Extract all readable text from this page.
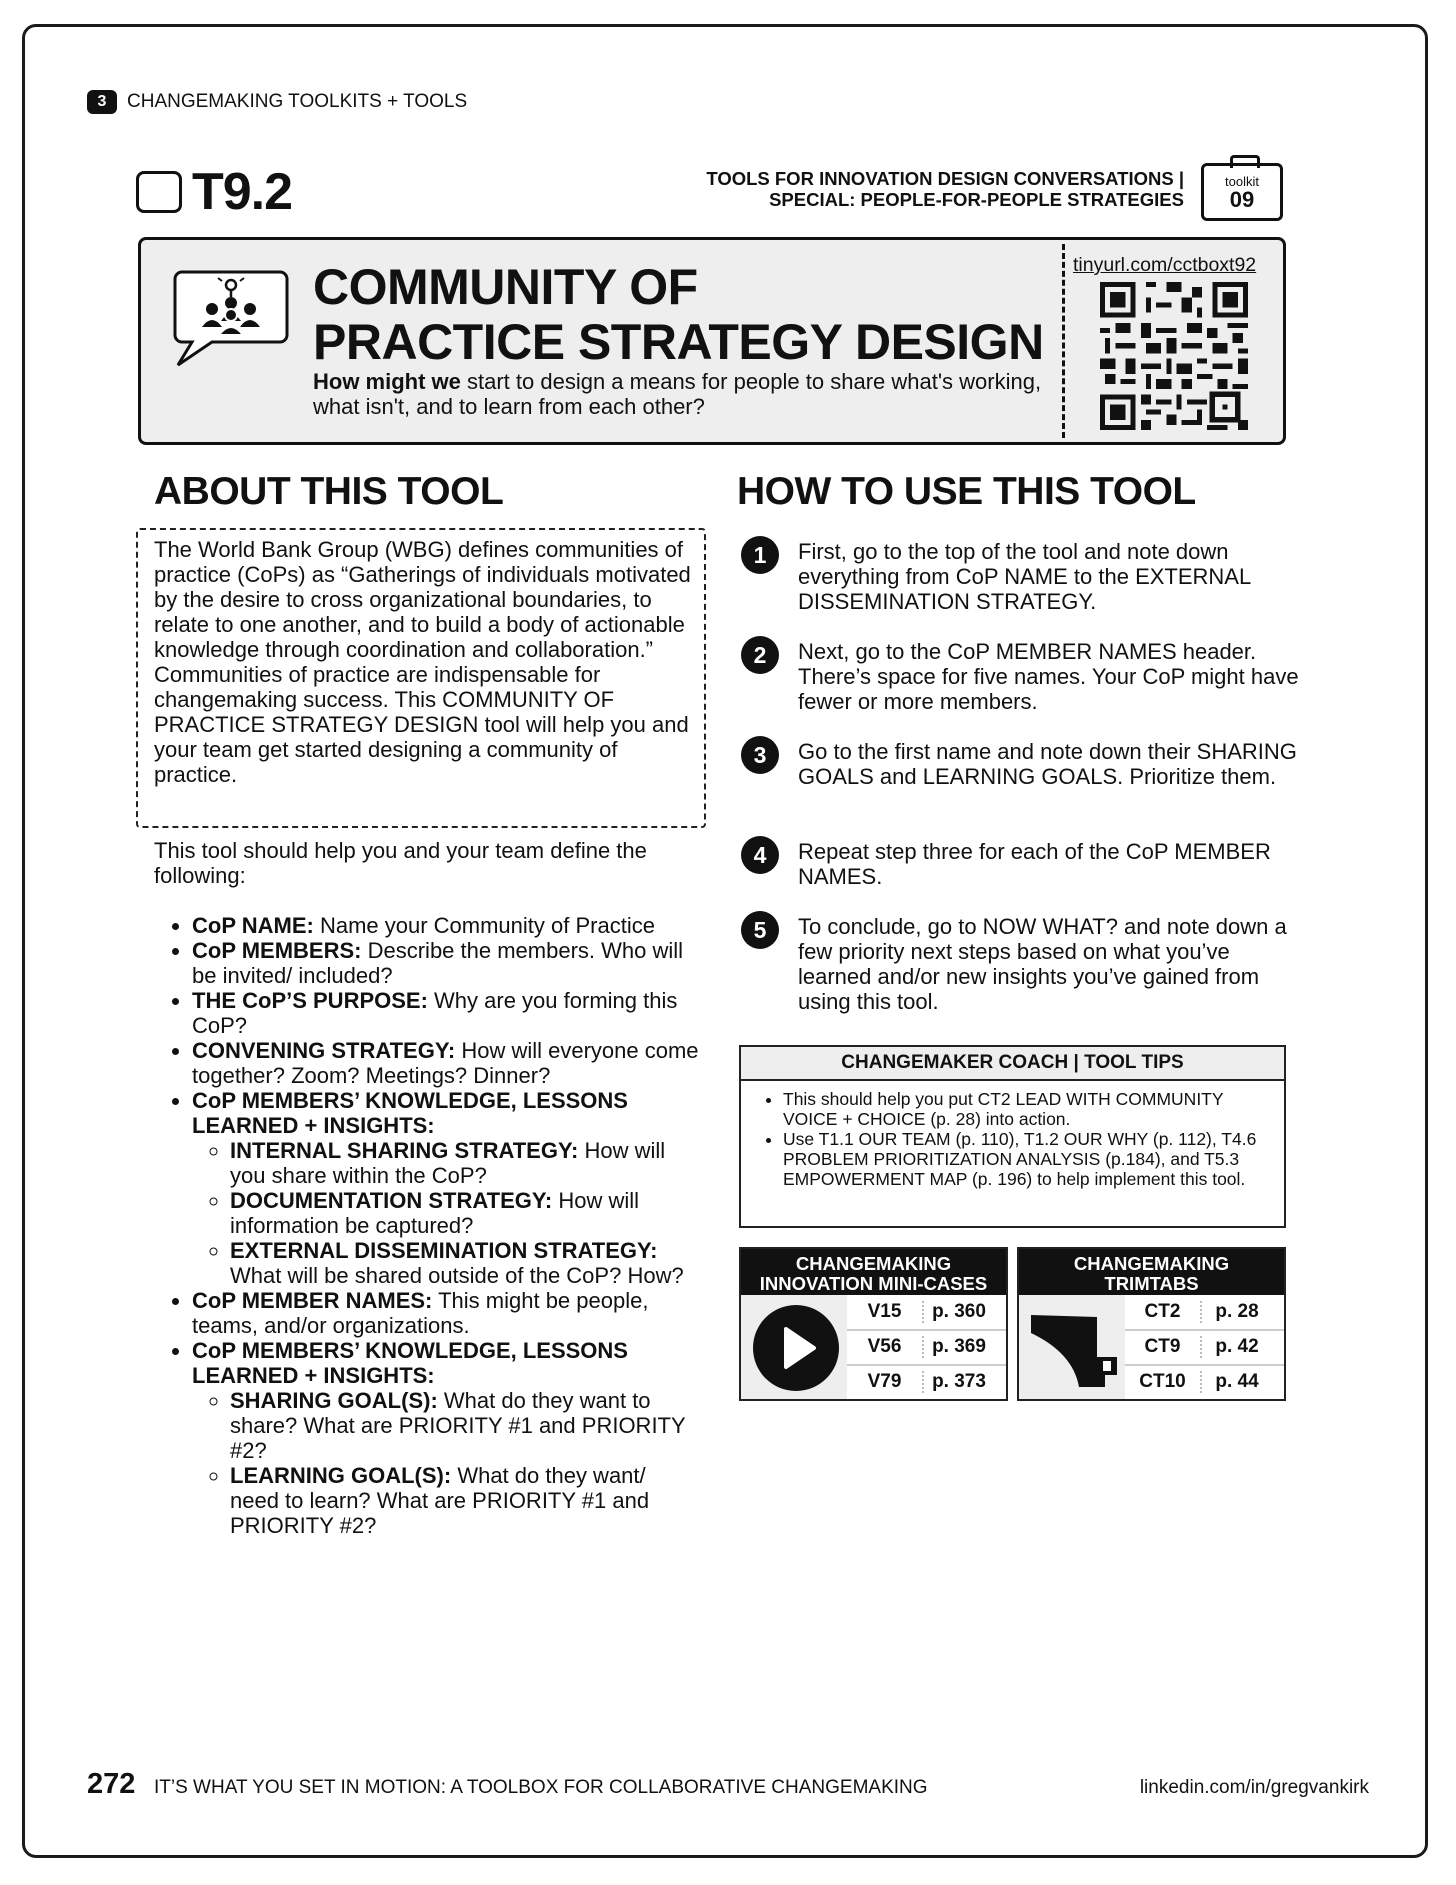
3	CHANGEMAKING TOOLKITS + TOOLS
T9.2	TOOLS FOR INNOVATION DESIGN CONVERSATIONS |
SPECIAL: PEOPLE-FOR-PEOPLE STRATEGIES
toolkit
09
COMMUNITY OF
PRACTICE STRATEGY DESIGN
How might we start to design a means for people to share what's working, what isn't, and to learn from each other?
tinyurl.com/cctboxt92
ABOUT THIS TOOL
The World Bank Group (WBG) defines communities of practice (CoPs) as “Gatherings of individuals motivated by the desire to cross organizational boundaries, to relate to one another, and to build a body of actionable knowledge through coordination and collaboration.” Communities of practice are indispensable for changemaking success. This COMMUNITY OF PRACTICE STRATEGY DESIGN tool will help you and your team get started designing a community of practice.
This tool should help you and your team define the following:
• CoP NAME: Name your Community of Practice
• CoP MEMBERS: Describe the members. Who will be invited/ included?
• THE CoP’S PURPOSE: Why are you forming this CoP?
• CONVENING STRATEGY: How will everyone come together? Zoom? Meetings? Dinner?
• CoP MEMBERS’ KNOWLEDGE, LESSONS LEARNED + INSIGHTS:
◦ INTERNAL SHARING STRATEGY: How will you share within the CoP?
◦ DOCUMENTATION STRATEGY: How will information be captured?
◦ EXTERNAL DISSEMINATION STRATEGY: What will be shared outside of the CoP? How?
• CoP MEMBER NAMES: This might be people, teams, and/or organizations.
• CoP MEMBERS’ KNOWLEDGE, LESSONS LEARNED + INSIGHTS:
◦ SHARING GOAL(S): What do they want to share? What are PRIORITY #1 and PRIORITY #2?
◦ LEARNING GOAL(S): What do they want/ need to learn? What are PRIORITY #1 and PRIORITY #2?
HOW TO USE THIS TOOL
1	First, go to the top of the tool and note down everything from CoP NAME to the EXTERNAL DISSEMINATION STRATEGY.
2	Next, go to the CoP MEMBER NAMES header. There’s space for five names. Your CoP might have fewer or more members.
3	Go to the first name and note down their SHARING GOALS and LEARNING GOALS. Prioritize them.
4	Repeat step three for each of the CoP MEMBER NAMES.
5	To conclude, go to NOW WHAT? and note down a few priority next steps based on what you’ve learned and/or new insights you’ve gained from using this tool.
CHANGEMAKER COACH | TOOL TIPS
• This should help you put CT2 LEAD WITH COMMUNITY VOICE + CHOICE (p. 28) into action.
• Use T1.1 OUR TEAM (p. 110), T1.2 OUR WHY (p. 112), T4.6 PROBLEM PRIORITIZATION ANALYSIS (p.184), and T5.3 EMPOWERMENT MAP (p. 196) to help implement this tool.
CHANGEMAKING
INNOVATION MINI-CASES
V15	p. 360
V56	p. 369
V79	p. 373
CHANGEMAKING
TRIMTABS
CT2	p. 28
CT9	p. 42
CT10	p. 44
272 IT’S WHAT YOU SET IN MOTION: A TOOLBOX FOR COLLABORATIVE CHANGEMAKING	linkedin.com/in/gregvankirk
